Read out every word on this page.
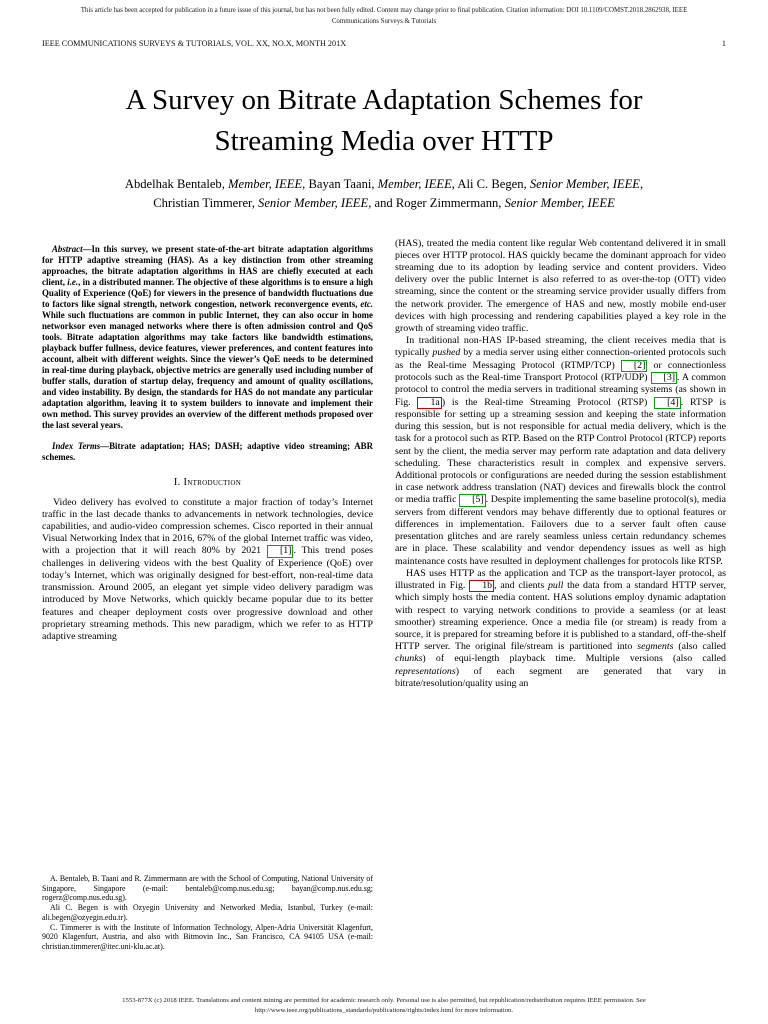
This article has been accepted for publication in a future issue of this journal, but has not been fully edited. Content may change prior to final publication. Citation information: DOI 10.1109/COMST.2018.2862938, IEEE
Communications Surveys & Tutorials
IEEE COMMUNICATIONS SURVEYS & TUTORIALS, VOL. XX, NO.X, MONTH 201X	1
A Survey on Bitrate Adaptation Schemes for
Streaming Media over HTTP
Abdelhak Bentaleb, Member, IEEE, Bayan Taani, Member, IEEE, Ali C. Begen, Senior Member, IEEE,
Christian Timmerer, Senior Member, IEEE, and Roger Zimmermann, Senior Member, IEEE

Abstract—In this survey, we present state-of-the-art bitrate adaptation algorithms for HTTP adaptive streaming (HAS). As a key distinction from other streaming approaches, the bitrate adaptation algorithms in HAS are chiefly executed at each client, i.e., in a distributed manner. The objective of these algorithms is to ensure a high Quality of Experience (QoE) for viewers in the presence of bandwidth fluctuations due to factors like signal strength, network congestion, network reconvergence events, etc. While such fluctuations are common in public Internet, they can also occur in home networksor even managed networks where there is often admission control and QoS tools. Bitrate adaptation algorithms may take factors like bandwidth estimations, playback buffer fullness, device features, viewer preferences, and content features into account, albeit with different weights. Since the viewer’s QoE needs to be determined in real-time during playback, objective metrics are generally used including number of buffer stalls, duration of startup delay, frequency and amount of quality oscillations, and video instability. By design, the standards for HAS do not mandate any particular adaptation algorithm, leaving it to system builders to innovate and implement their own method. This survey provides an overview of the different methods proposed over the last several years.

Index Terms—Bitrate adaptation; HAS; DASH; adaptive video streaming; ABR schemes.

I. Introduction

Video delivery has evolved to constitute a major fraction of today’s Internet traffic in the last decade thanks to advancements in network technologies, device capabilities, and audio-video compression schemes. Cisco reported in their annual Visual Networking Index that in 2016, 67% of the global Internet traffic was video, with a projection that it will reach 80% by 2021 [1] . This trend poses challenges in delivering videos with the best Quality of Experience (QoE) over today’s Internet, which was originally designed for best-effort, non-real-time data transmission. Around 2005, an elegant yet simple video delivery paradigm was introduced by Move Networks, which quickly became popular due to its better features and cheaper deployment costs over progressive download and other proprietary streaming methods. This new paradigm, which we refer to as HTTP adaptive streaming

A. Bentaleb, B. Taani and R. Zimmermann are with the School of Computing, National University of Singapore, Singapore (e-mail: bentaleb@comp.nus.edu.sg; bayan@comp.nus.edu.sg; rogerz@comp.nus.edu.sg).

Ali C. Begen is with Ozyegin University and Networked Media, Istanbul, Turkey (e-mail: ali.begen@ozyegin.edu.tr).

C. Timmerer is with the Institute of Information Technology, Alpen-Adria Universität Klagenfurt, 9020 Klagenfurt, Austria, and also with Bitmovin Inc., San Francisco, CA 94105 USA (e-mail: christian.timmerer@itec.uni-klu.ac.at).

(HAS), treated the media content like regular Web contentand delivered it in small pieces over HTTP protocol. HAS quickly became the dominant approach for video streaming due to its adoption by leading service and content providers. Video delivery over the public Internet is also referred to as over-the-top (OTT) video streaming, since the content or the streaming service provider usually differs from the network provider. The emergence of HAS and new, mostly mobile end-user devices with high processing and rendering capabilities played a key role in the growth of streaming video traffic.

In traditional non-HAS IP-based streaming, the client receives media that is typically pushed by a media server using either connection-oriented protocols such as the Real-time Messaging Protocol (RTMP/TCP) [2] or connectionless protocols such as the Real-time Transport Protocol (RTP/UDP) [3] . A common protocol to control the media servers in traditional streaming systems (as shown in Fig. 1a ) is the Real-time Streaming Protocol (RTSP) [4] . RTSP is responsible for setting up a streaming session and keeping the state information during this session, but is not responsible for actual media delivery, which is the task for a protocol such as RTP. Based on the RTP Control Protocol (RTCP) reports sent by the client, the media server may perform rate adaptation and data delivery scheduling. These characteristics result in complex and expensive servers. Additional protocols or configurations are needed during the session establishment in case network address translation (NAT) devices and firewalls block the control or media traffic [5] . Despite implementing the same baseline protocol(s), media servers from different vendors may behave differently due to optional features or differences in implementation. Failovers due to a server fault often cause presentation glitches and are rarely seamless unless certain redundancy schemes are in place. These scalability and vendor dependency issues as well as high maintenance costs have resulted in deployment challenges for protocols like RTSP.

HAS uses HTTP as the application and TCP as the transport-layer protocol, as illustrated in Fig. 1b , and clients pull the data from a standard HTTP server, which simply hosts the media content. HAS solutions employ dynamic adaptation with respect to varying network conditions to provide a seamless (or at least smoother) streaming experience. Once a media file (or stream) is ready from a source, it is prepared for streaming before it is published to a standard, off-the-shelf HTTP server. The original file/stream is partitioned into segments (also called chunks) of equi-length playback time. Multiple versions (also called representations) of each segment are generated that vary in bitrate/resolution/quality using an

1553-877X (c) 2018 IEEE. Translations and content mining are permitted for academic research only. Personal use is also permitted, but republication/redistribution requires IEEE permission. See
http://www.ieee.org/publications_standards/publications/rights/index.html for more information.
